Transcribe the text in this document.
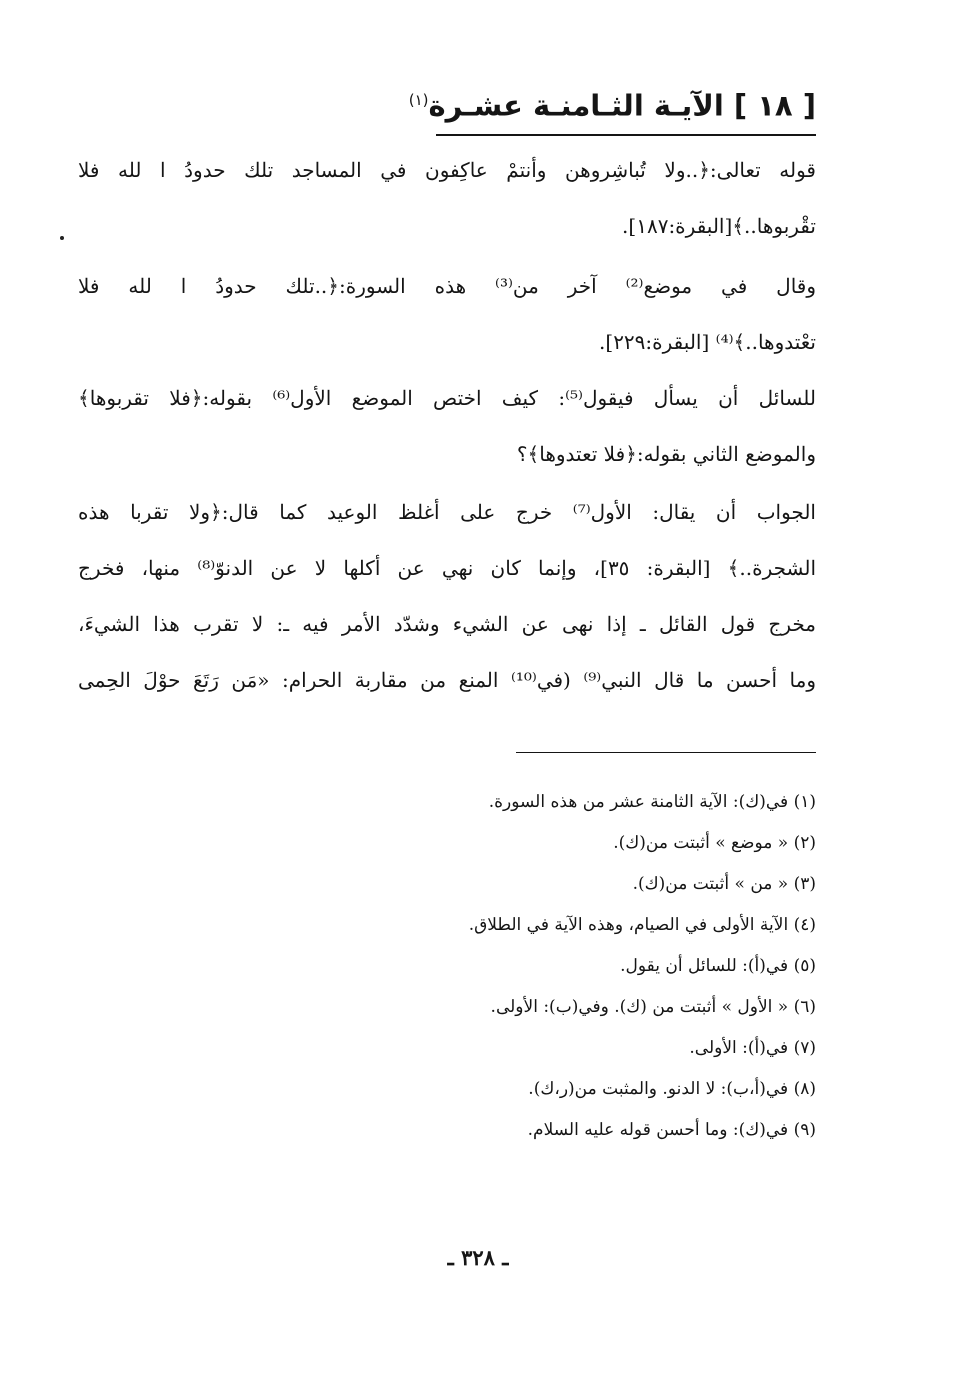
[ ١٨ ] الآيـة الثـامنـة عشـرة$^{(١)}$
قوله تعالى:﴿..ولا تُباشِروهن وأنتمْ عاكِفون في المساجد تلك حدودُ ا لله فلا
تقْربوها..﴾[البقرة:١٨٧].
وقال في موضع⁽²⁾ آخر من⁽³⁾ هذه السورة:﴿..تلك حدودُ ا لله فلا
تعْتدوها..﴾⁽⁴⁾ [البقرة:٢٢٩].
للسائل أن يسأل فيقول⁽⁵⁾: كيف اختص الموضع الأول⁽⁶⁾ بقوله:﴿فلا تقربوها﴾
والموضع الثاني بقوله:﴿فلا تعتدوها﴾؟
الجواب أن يقال: الأول⁽⁷⁾ خرج على أغلظ الوعيد كما قال:﴿ولا تقربا هذه
الشجرة..﴾ [البقرة: ٣٥]، وإنما كان نهي عن أكلها لا عن الدنوّ⁽⁸⁾ منها، فخرج
مخرج قول القائل ـ إذا نهى عن الشيء وشدّد الأمر فيه ـ: لا تقرب هذا الشيءَ،
وما أحسن ما قال النبي⁽⁹⁾ (في⁽¹⁰⁾ المنع من مقاربة الحرام: «مَن رَتَعَ حوْلَ الحِمى
(١) في(ك): الآية الثامنة عشر من هذه السورة.
(٢) « موضع » أثبتت من(ك).
(٣) « من » أثبتت من(ك).
(٤) الآية الأولى في الصيام، وهذه الآية في الطلاق.
(٥) في(أ): للسائل أن يقول.
(٦) « الأول » أثبتت من (ك). وفي(ب): الأولى.
(٧) في(أ): الأولى.
(٨) في(أ،ب): لا الدنو. والمثبت من(ر،ك).
(٩) في(ك): وما أحسن قوله عليه السلام.
ـ ٣٢٨ ـ
